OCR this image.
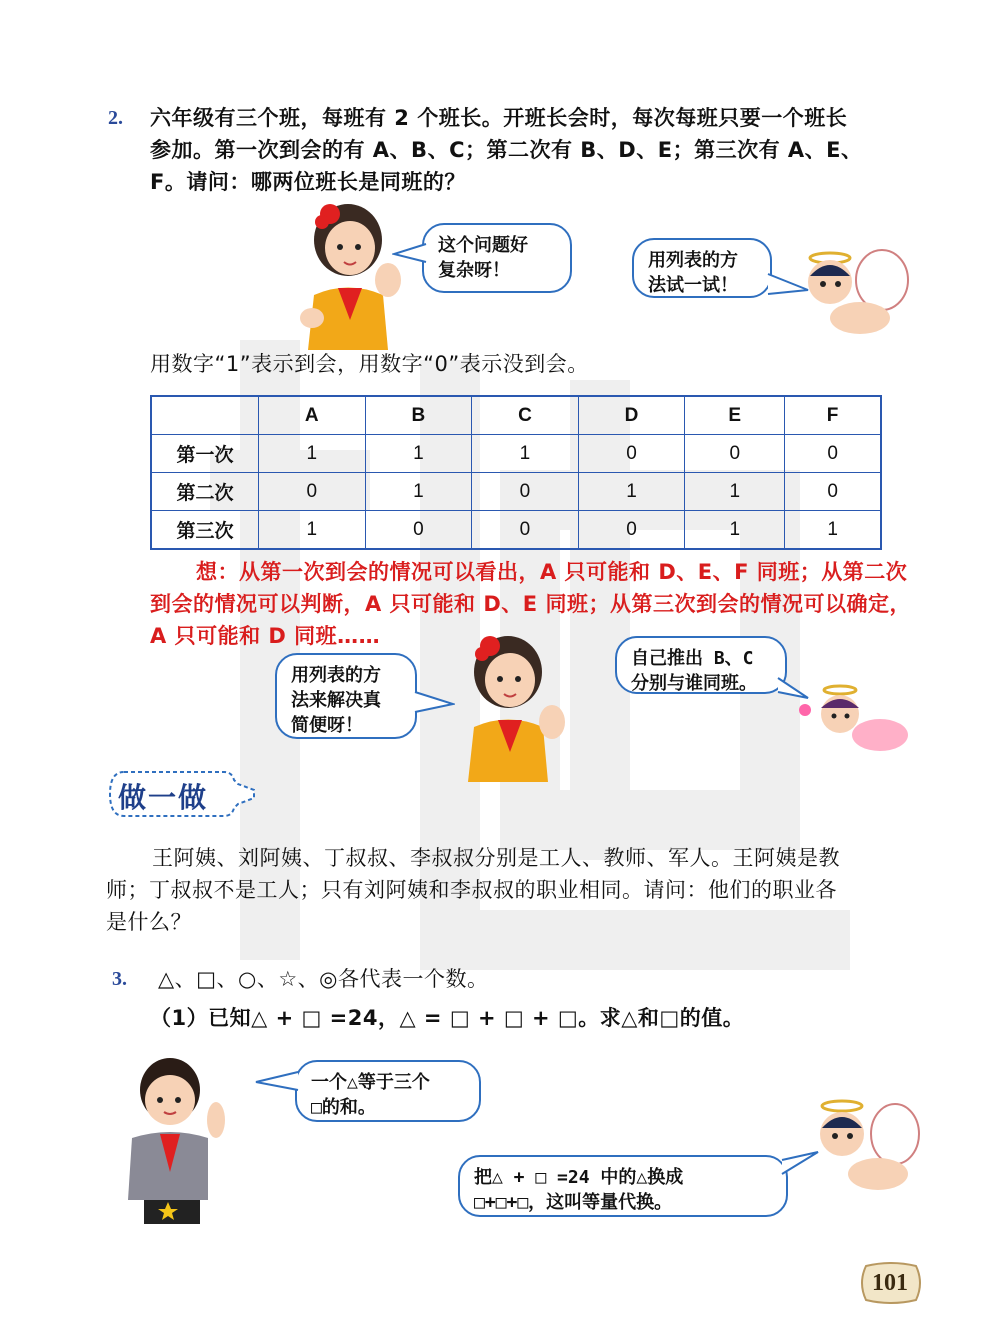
2. 六年级有三个班，每班有 2 个班长。开班长会时，每次每班只要一个班长
参加。第一次到会的有 A、B、C；第二次有 B、D、E；第三次有 A、E、
F。请问：哪两位班长是同班的？
这个问题好
复杂呀！	用列表的方
法试一试！
用数字“1”表示到会，用数字“0”表示没到会。
	A	B	C	D	E	F
第一次	1	1	1	0	0	0
第二次	0	1	0	1	1	0
第三次	1	0	0	0	1	1
想：从第一次到会的情况可以看出，A 只可能和 D、E、F 同班；从第二次
到会的情况可以判断，A 只可能和 D、E 同班；从第三次到会的情况可以确定，
A 只可能和 D 同班……
用列表的方
法来解决真
简便呀！
自己推出 B、C
分别与谁同班。
做一做
王阿姨、刘阿姨、丁叔叔、李叔叔分别是工人、教师、军人。王阿姨是教
师；丁叔叔不是工人；只有刘阿姨和李叔叔的职业相同。请问：他们的职业各
是什么？
3. △、□、○、☆、◎各代表一个数。
（1）已知△ + □ =24，△ = □ + □ + □。求△和□的值。
一个△等于三个
□的和。
把△ + □ =24 中的△换成
□+□+□，这叫等量代换。
101
